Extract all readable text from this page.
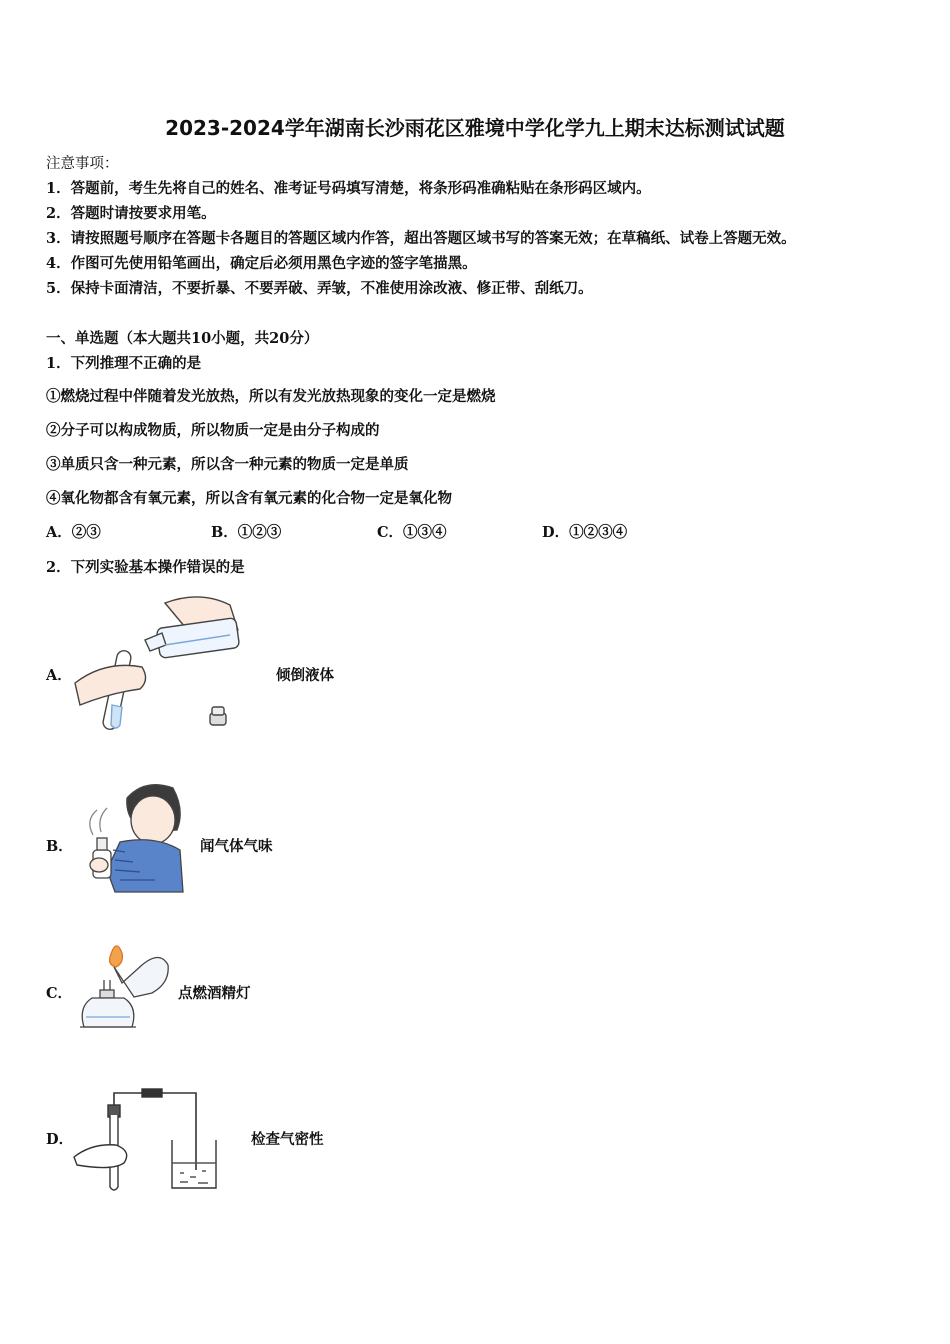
2023-2024学年湖南长沙雨花区雅境中学化学九上期末达标测试试题
注意事项：
1．答题前，考生先将自己的姓名、准考证号码填写清楚，将条形码准确粘贴在条形码区域内。
2．答题时请按要求用笔。
3．请按照题号顺序在答题卡各题目的答题区域内作答，超出答题区域书写的答案无效；在草稿纸、试卷上答题无效。
4．作图可先使用铅笔画出，确定后必须用黑色字迹的签字笔描黑。
5．保持卡面清洁，不要折暴、不要弄破、弄皱，不准使用涂改液、修正带、刮纸刀。
一、单选题（本大题共10小题，共20分）
1．下列推理不正确的是
①燃烧过程中伴随着发光放热，所以有发光放热现象的变化一定是燃烧
②分子可以构成物质，所以物质一定是由分子构成的
③单质只含一种元素，所以含一种元素的物质一定是单质
④氧化物都含有氧元素，所以含有氧元素的化合物一定是氧化物
A．②③	B．①②③	C．①③④	D．①②③④
2．下列实验基本操作错误的是
A．	倾倒液体
B．	闻气体气味
C．	点燃酒精灯
D．	检查气密性
